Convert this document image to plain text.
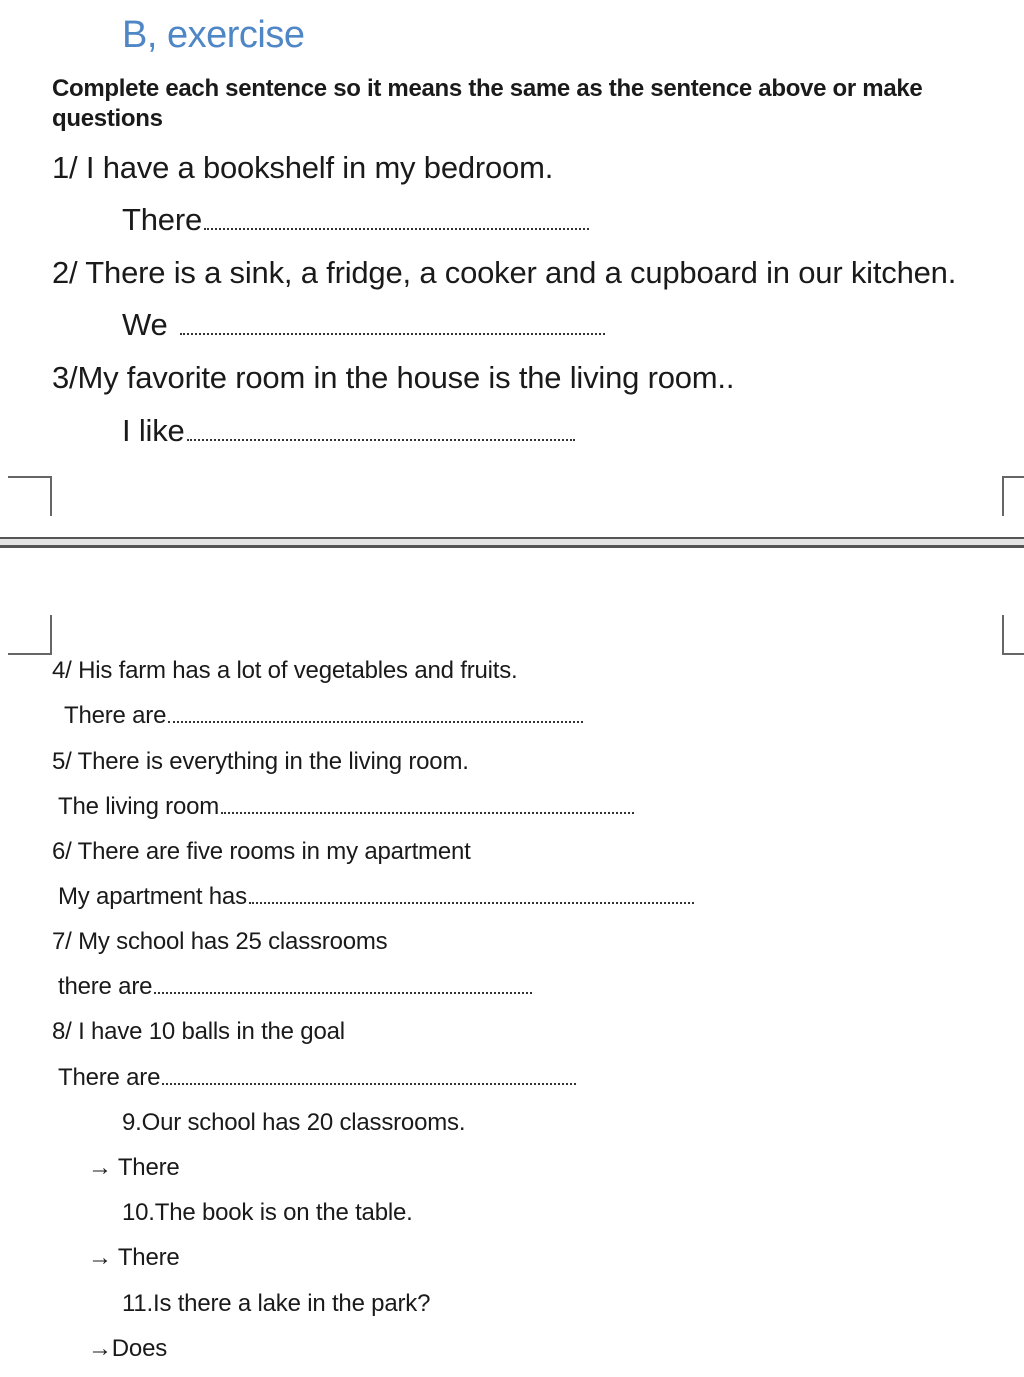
B, exercise
Complete each sentence so it means the same as the sentence above or make questions
1/ I have a bookshelf in my bedroom.
There
2/ There is a sink, a fridge, a cooker and a cupboard in our kitchen.
We
3/My favorite room in the house is the living room..
I like
4/ His farm has a lot of vegetables and fruits.
There are
5/ There is everything in the living room.
The living room
6/ There are five rooms in my apartment
My apartment has
7/ My school has 25 classrooms
there are
8/ I have 10 balls in the goal
There are
9.Our school has 20 classrooms.
→ There
10.The book is on the table.
→ There
11.Is there a lake in the park?
→Does
